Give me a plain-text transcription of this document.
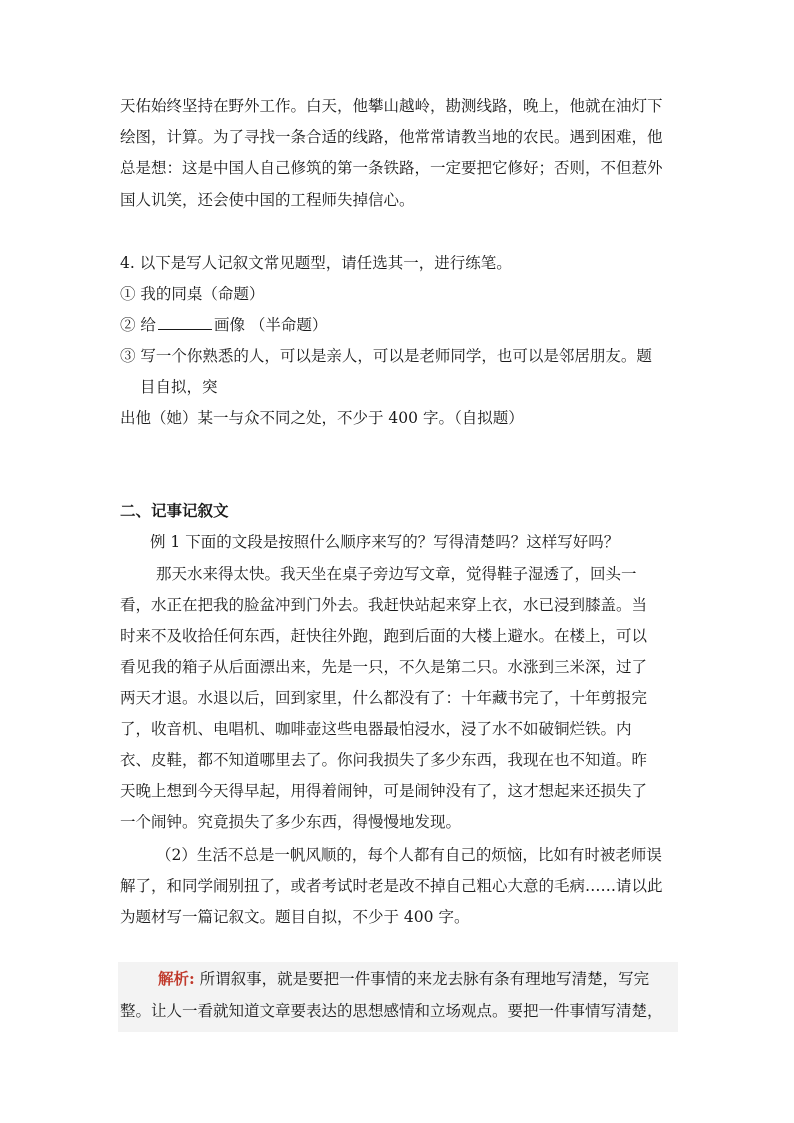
天佑始终坚持在野外工作。白天，他攀山越岭，勘测线路，晚上，他就在油灯下
绘图，计算。为了寻找一条合适的线路，他常常请教当地的农民。遇到困难，他
总是想：这是中国人自己修筑的第一条铁路，一定要把它修好；否则，不但惹外
国人讥笑，还会使中国的工程师失掉信心。
4. 以下是写人记叙文常见题型，请任选其一，进行练笔。
① 我的同桌（命题）
② 给	画像 （半命题）
③ 写一个你熟悉的人，可以是亲人，可以是老师同学，也可以是邻居朋友。题
目自拟，突
出他（她）某一与众不同之处，不少于 400 字。（自拟题）
二、记事记叙文
例 1 下面的文段是按照什么顺序来写的？写得清楚吗？这样写好吗？
那天水来得太快。我天坐在桌子旁边写文章，觉得鞋子湿透了，回头一
看，水正在把我的脸盆冲到门外去。我赶快站起来穿上衣，水已浸到膝盖。当
时来不及收拾任何东西，赶快往外跑，跑到后面的大楼上避水。在楼上，可以
看见我的箱子从后面漂出来，先是一只，不久是第二只。水涨到三米深，过了
两天才退。水退以后，回到家里，什么都没有了：十年藏书完了，十年剪报完
了，收音机、电唱机、咖啡壶这些电器最怕浸水，浸了水不如破铜烂铁。内
衣、皮鞋，都不知道哪里去了。你问我损失了多少东西，我现在也不知道。昨
天晚上想到今天得早起，用得着闹钟，可是闹钟没有了，这才想起来还损失了
一个闹钟。究竟损失了多少东西，得慢慢地发现。
（2）生活不总是一帆风顺的，每个人都有自己的烦恼，比如有时被老师误
解了，和同学闹别扭了，或者考试时老是改不掉自己粗心大意的毛病……请以此
为题材写一篇记叙文。题目自拟，不少于 400 字。
解析: 所谓叙事，就是要把一件事情的来龙去脉有条有理地写清楚，写完
整。让人一看就知道文章要表达的思想感情和立场观点。要把一件事情写清楚，
